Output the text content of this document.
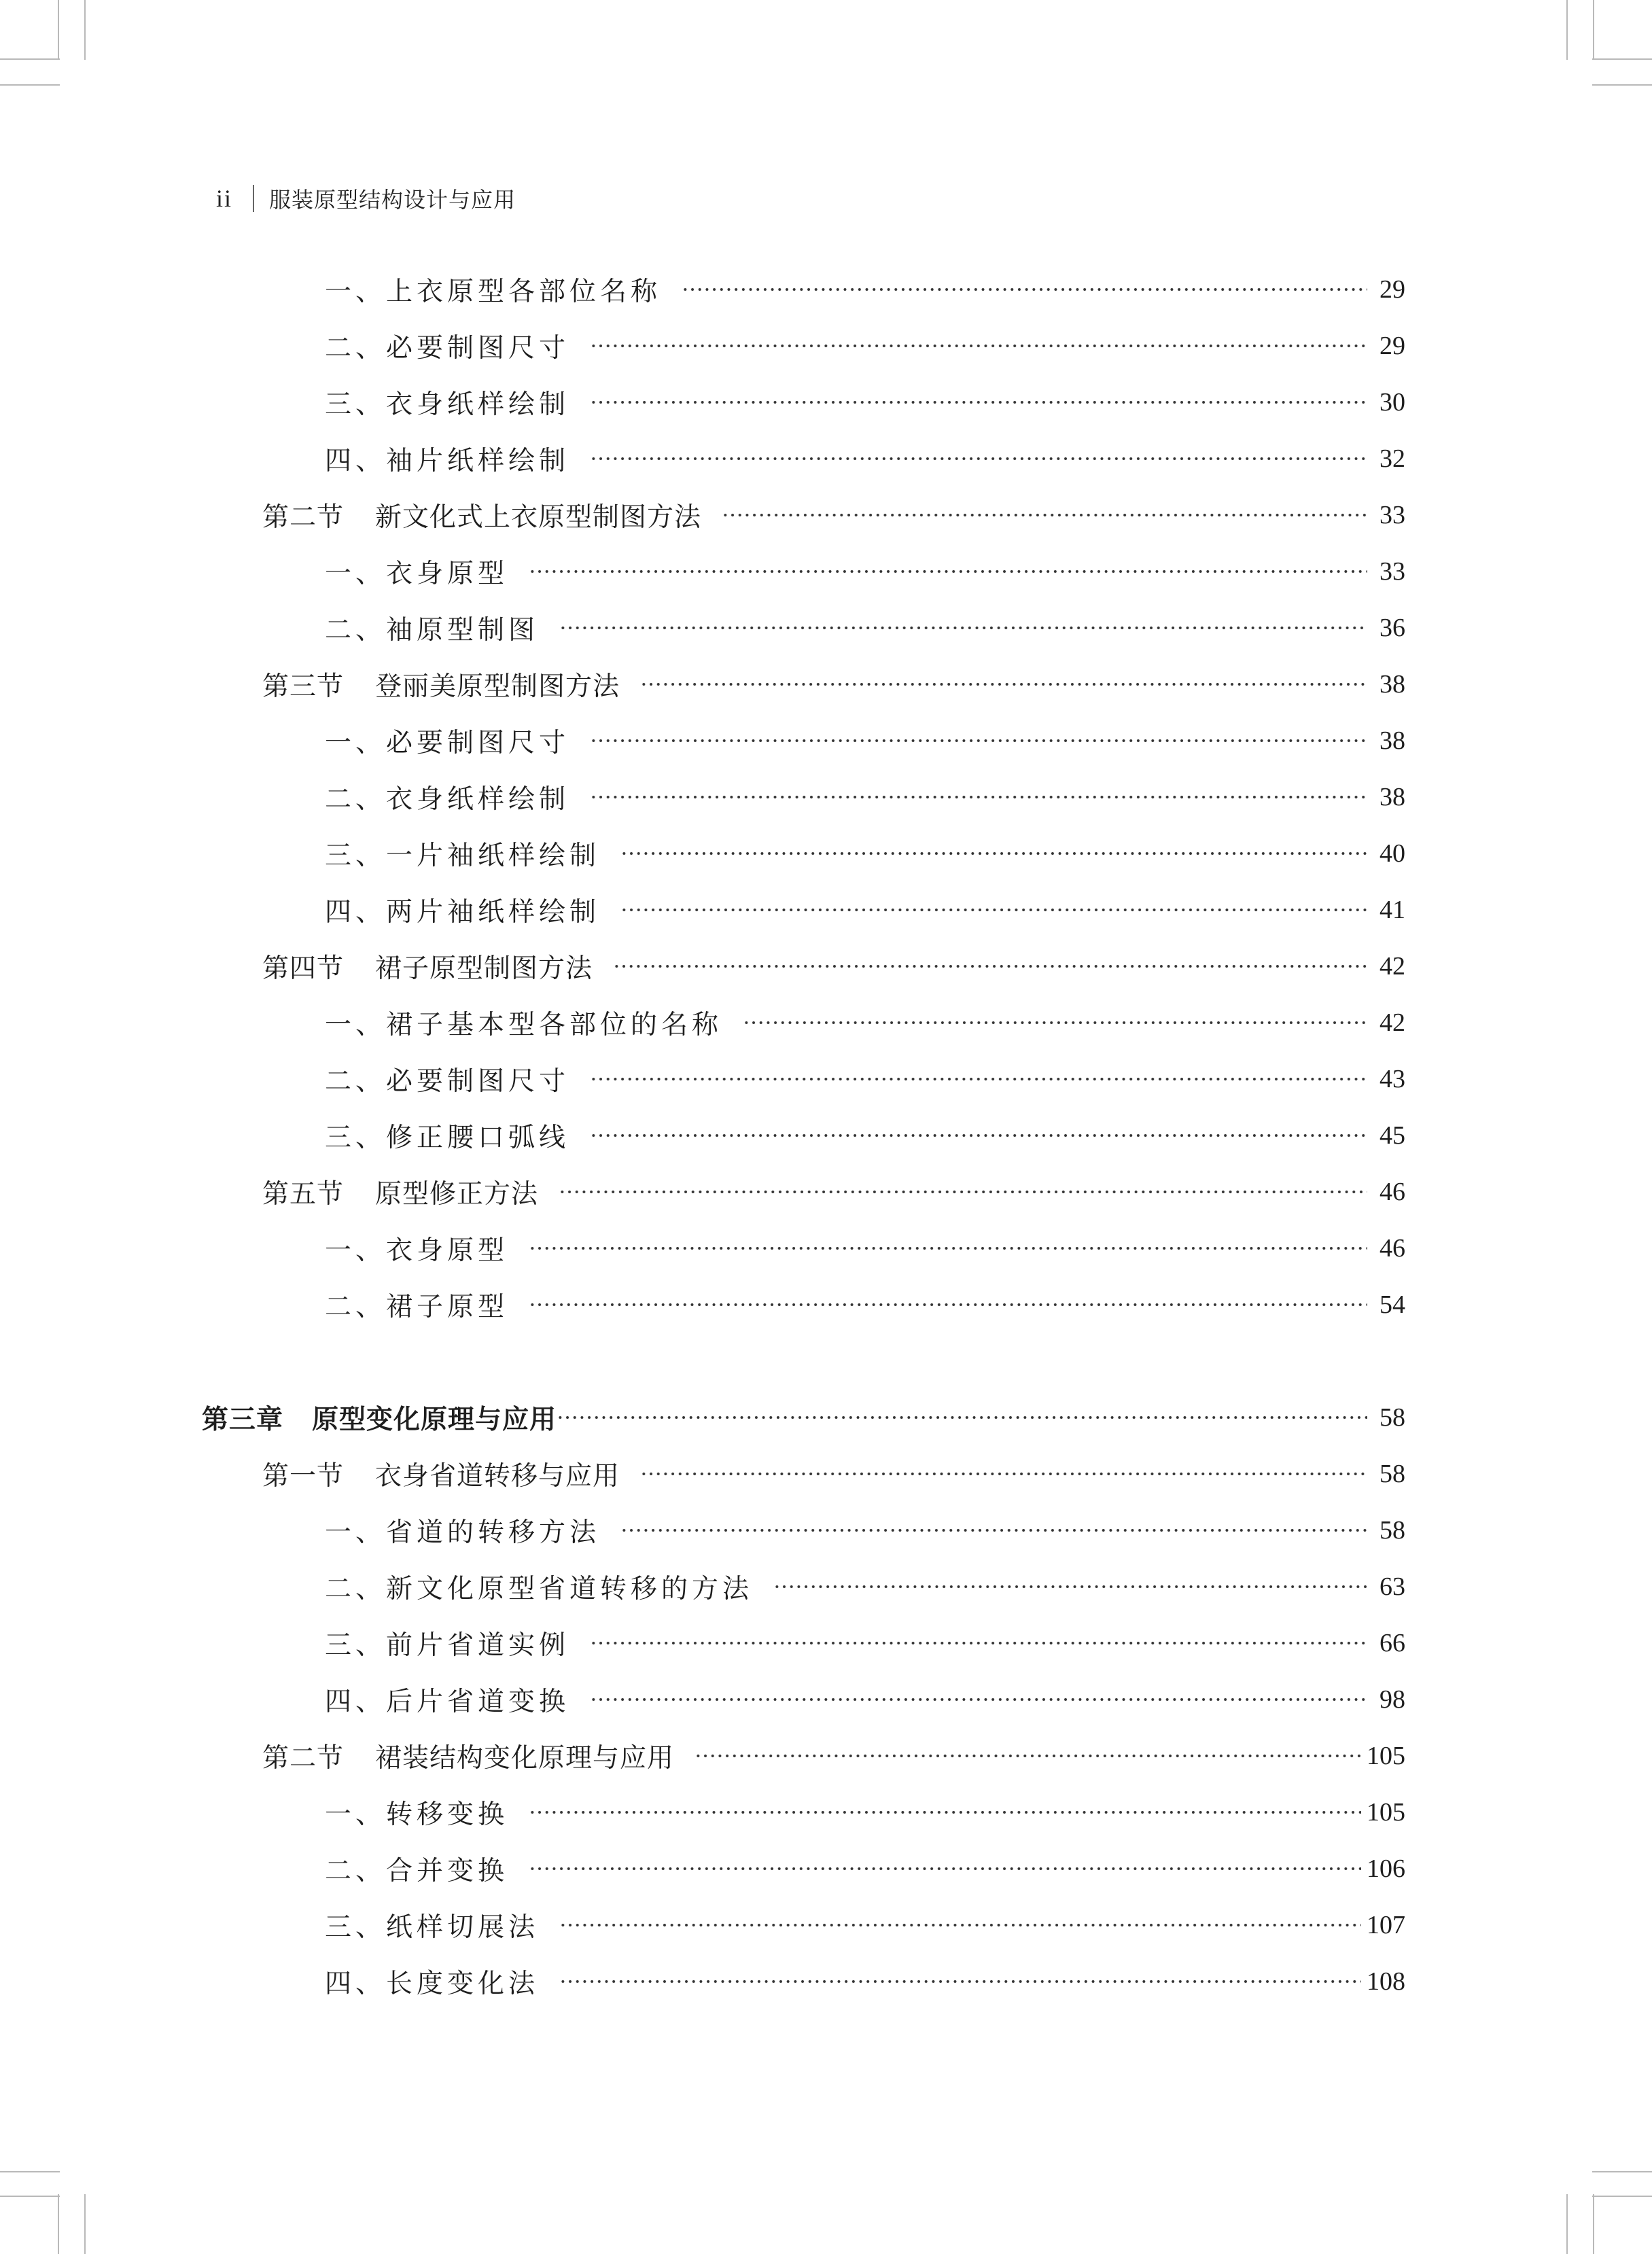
ii 服装原型结构设计与应用
一、上衣原型各部位名称	29
二、必要制图尺寸	29
三、衣身纸样绘制	30
四、袖片纸样绘制	32
第二节 新文化式上衣原型制图方法	33
一、衣身原型	33
二、袖原型制图	36
第三节 登丽美原型制图方法	38
一、必要制图尺寸	38
二、衣身纸样绘制	38
三、一片袖纸样绘制	40
四、两片袖纸样绘制	41
第四节 裙子原型制图方法	42
一、裙子基本型各部位的名称	42
二、必要制图尺寸	43
三、修正腰口弧线	45
第五节 原型修正方法	46
一、衣身原型	46
二、裙子原型	54
第三章 原型变化原理与应用	58
第一节 衣身省道转移与应用	58
一、省道的转移方法	58
二、新文化原型省道转移的方法	63
三、前片省道实例	66
四、后片省道变换	98
第二节 裙装结构变化原理与应用	105
一、转移变换	105
二、合并变换	106
三、纸样切展法	107
四、长度变化法	108
